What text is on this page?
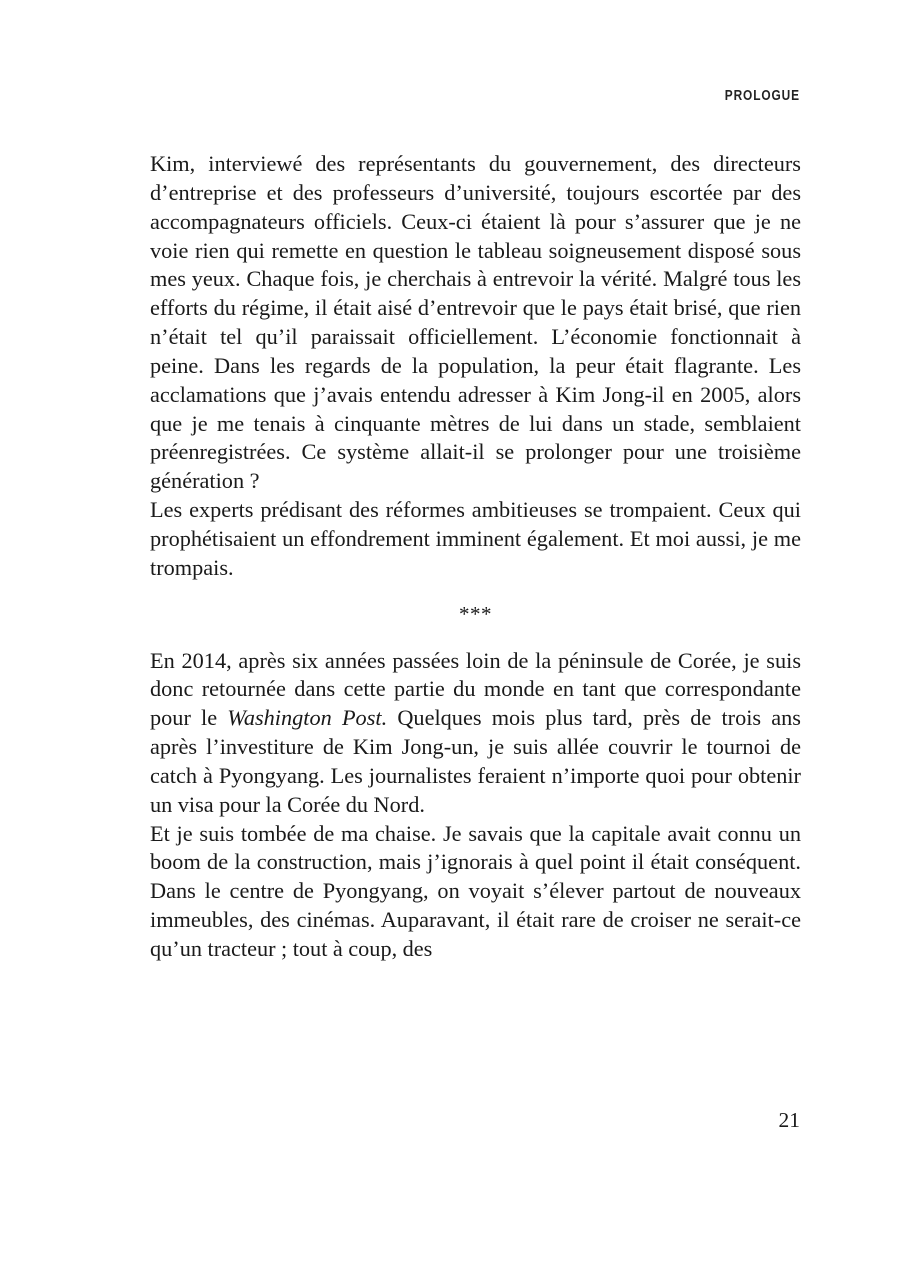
PROLOGUE

Kim, interviewé des représentants du gouvernement, des directeurs d’entreprise et des professeurs d’université, toujours escortée par des accompagnateurs officiels. Ceux-ci étaient là pour s’assurer que je ne voie rien qui remette en question le tableau soigneusement disposé sous mes yeux. Chaque fois, je cherchais à entrevoir la vérité. Malgré tous les efforts du régime, il était aisé d’entrevoir que le pays était brisé, que rien n’était tel qu’il paraissait officiellement. L’économie fonctionnait à peine. Dans les regards de la population, la peur était flagrante. Les acclamations que j’avais entendu adresser à Kim Jong-il en 2005, alors que je me tenais à cinquante mètres de lui dans un stade, semblaient préenregistrées. Ce système allait-il se prolonger pour une troisième génération ?

Les experts prédisant des réformes ambitieuses se trompaient. Ceux qui prophétisaient un effondrement imminent également. Et moi aussi, je me trompais.

***

En 2014, après six années passées loin de la péninsule de Corée, je suis donc retournée dans cette partie du monde en tant que correspondante pour le Washington Post. Quelques mois plus tard, près de trois ans après l’investiture de Kim Jong-un, je suis allée couvrir le tournoi de catch à Pyongyang. Les journalistes feraient n’importe quoi pour obtenir un visa pour la Corée du Nord.

Et je suis tombée de ma chaise. Je savais que la capitale avait connu un boom de la construction, mais j’ignorais à quel point il était conséquent. Dans le centre de Pyongyang, on voyait s’élever partout de nouveaux immeubles, des cinémas. Auparavant, il était rare de croiser ne serait-ce qu’un tracteur ; tout à coup, des

21
